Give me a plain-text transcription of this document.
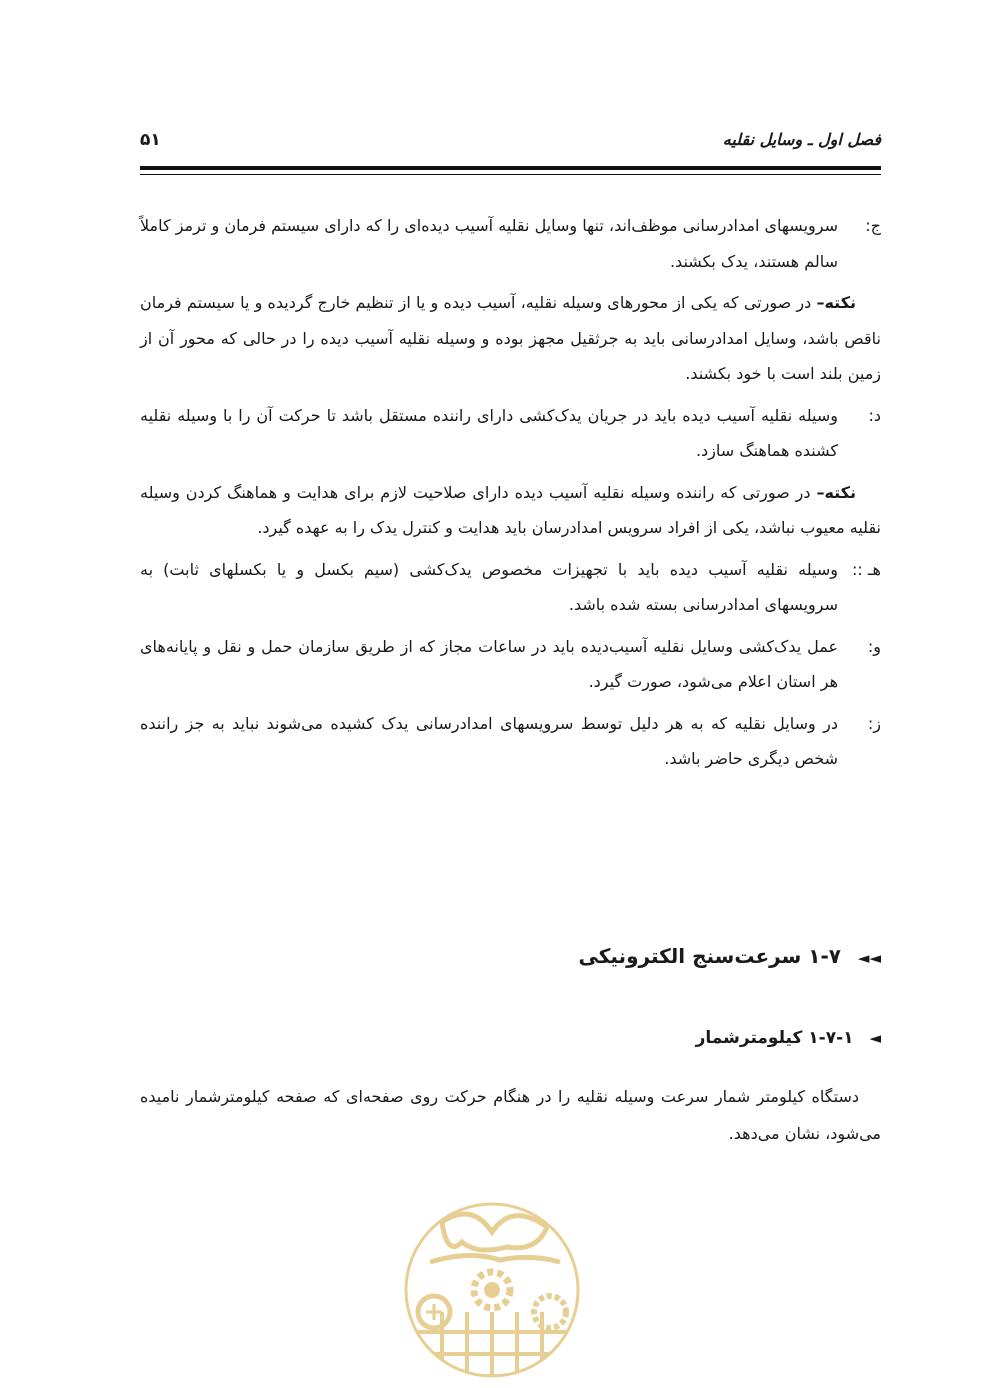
فصل اول ـ وسایل نقلیه
۵۱
ج:
سرویسهای امدادرسانی موظف‌اند، تنها وسایل نقلیه آسیب دیده‌ای را که دارای سیستم فرمان و ترمز کاملاً سالم هستند، یدک بکشند.
نکته– در صورتی که یکی از محورهای وسیله نقلیه، آسیب دیده و یا از تنظیم خارج گردیده و یا سیستم فرمان ناقص باشد، وسایل امدادرسانی باید به جرثقیل مجهز بوده و وسیله نقلیه آسیب دیده را در حالی که محور آن از زمین بلند است با خود بکشند.
د:
وسیله نقلیه آسیب دیده باید در جریان یدک‌کشی دارای راننده مستقل باشد تا حرکت آن را با وسیله نقلیه کشنده هماهنگ سازد.
نکته– در صورتی که راننده وسیله نقلیه آسیب دیده دارای صلاحیت لازم برای هدایت و هماهنگ کردن وسیله نقلیه معیوب نباشد، یکی از افراد سرویس امدادرسان باید هدایت و کنترل یدک را به عهده گیرد.
هـ ::
وسیله نقلیه آسیب دیده باید با تجهیزات مخصوص یدک‌کشی (سیم بکسل و یا بکسلهای ثابت) به سرویسهای امدادرسانی بسته شده باشد.
و:
عمل یدک‌کشی وسایل نقلیه آسیب‌دیده باید در ساعات مجاز که از طریق سازمان حمل و نقل و پایانه‌های هر استان اعلام می‌شود، صورت گیرد.
ز:
در وسایل نقلیه که به هر دلیل توسط سرویسهای امدادرسانی یدک کشیده می‌شوند نباید به جز راننده شخص دیگری حاضر باشد.
◄◄ ۱-۷ سرعت‌سنج الکترونیکی
◄ ۱-۷-۱ کیلومترشمار
دستگاه کیلومتر شمار سرعت وسیله نقلیه را در هنگام حرکت روی صفحه‌ای که صفحه کیلومترشمار نامیده می‌شود، نشان می‌دهد.
